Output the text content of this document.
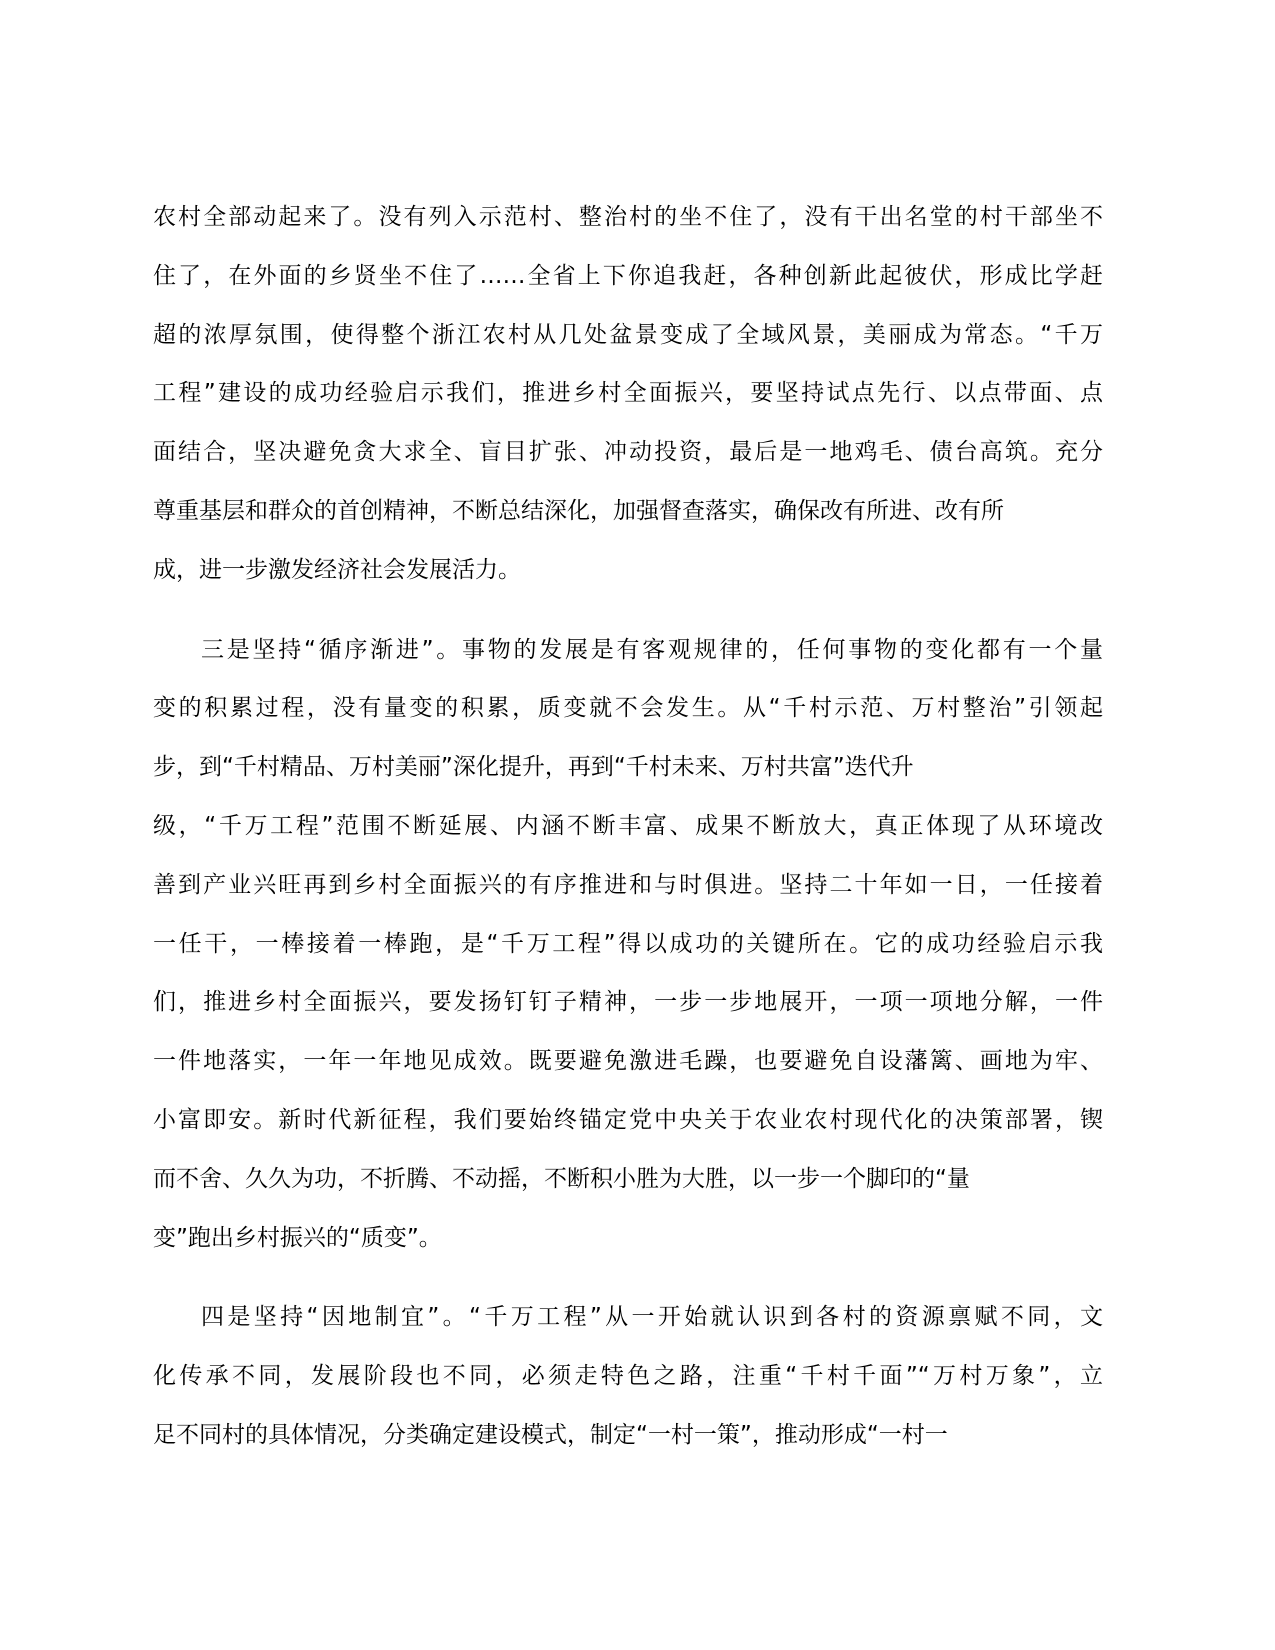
农村全部动起来了。没有列入示范村、整治村的坐不住了，没有干出名堂的村干部坐不
住了，在外面的乡贤坐不住了……全省上下你追我赶，各种创新此起彼伏，形成比学赶
超的浓厚氛围，使得整个浙江农村从几处盆景变成了全域风景，美丽成为常态。“千万
工程”建设的成功经验启示我们，推进乡村全面振兴，要坚持试点先行、以点带面、点
面结合，坚决避免贪大求全、盲目扩张、冲动投资，最后是一地鸡毛、债台高筑。充分
尊重基层和群众的首创精神，不断总结深化，加强督查落实，确保改有所进、改有所
成，进一步激发经济社会发展活力。
三是坚持“循序渐进”。事物的发展是有客观规律的，任何事物的变化都有一个量
变的积累过程，没有量变的积累，质变就不会发生。从“千村示范、万村整治”引领起
步，到“千村精品、万村美丽”深化提升，再到“千村未来、万村共富”迭代升
级，“千万工程”范围不断延展、内涵不断丰富、成果不断放大，真正体现了从环境改
善到产业兴旺再到乡村全面振兴的有序推进和与时俱进。坚持二十年如一日，一任接着
一任干，一棒接着一棒跑，是“千万工程”得以成功的关键所在。它的成功经验启示我
们，推进乡村全面振兴，要发扬钉钉子精神，一步一步地展开，一项一项地分解，一件
一件地落实，一年一年地见成效。既要避免激进毛躁，也要避免自设藩篱、画地为牢、
小富即安。新时代新征程，我们要始终锚定党中央关于农业农村现代化的决策部署，锲
而不舍、久久为功，不折腾、不动摇，不断积小胜为大胜，以一步一个脚印的“量
变”跑出乡村振兴的“质变”。
四是坚持“因地制宜”。“千万工程”从一开始就认识到各村的资源禀赋不同，文
化传承不同，发展阶段也不同，必须走特色之路，注重“千村千面”“万村万象”，立
足不同村的具体情况，分类确定建设模式，制定“一村一策”，推动形成“一村一
